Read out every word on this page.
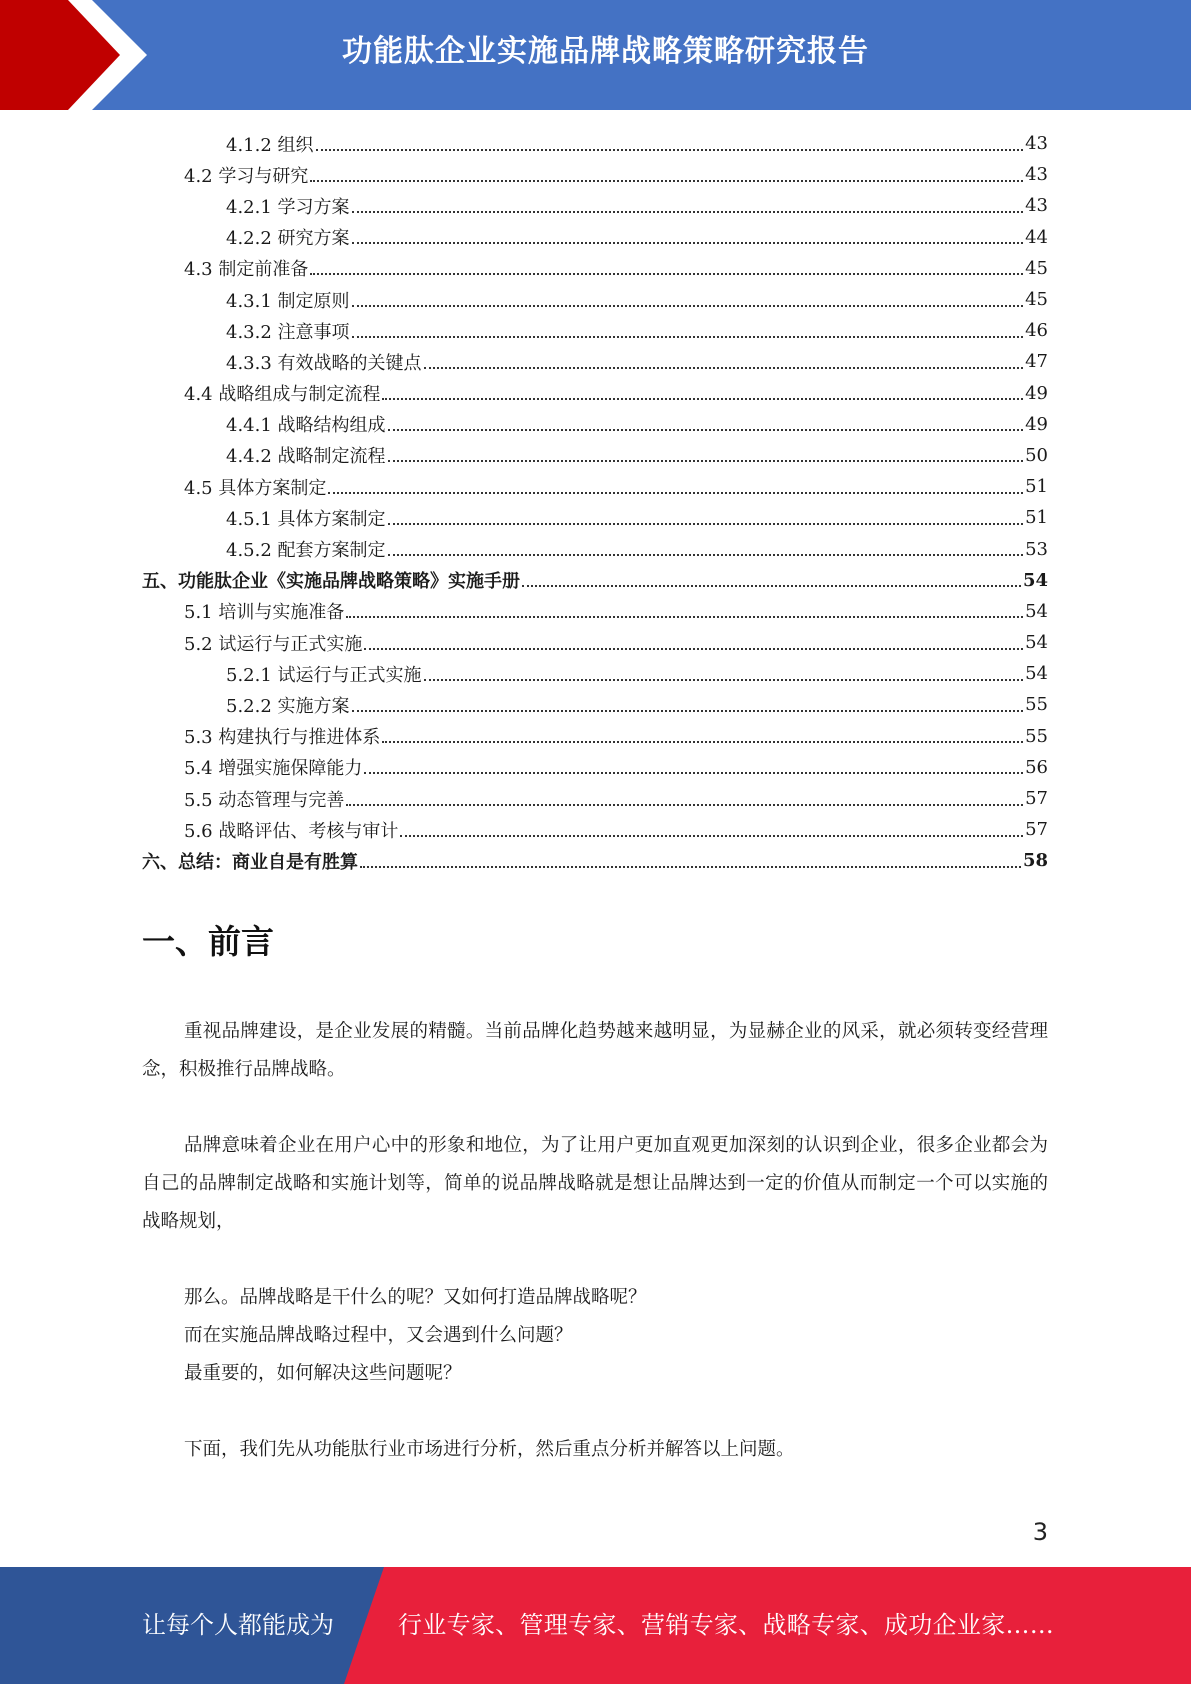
功能肽企业实施品牌战略策略研究报告
4.1.2 组织	43
4.2 学习与研究	43
4.2.1 学习方案	43
4.2.2 研究方案	44
4.3 制定前准备	45
4.3.1 制定原则	45
4.3.2 注意事项	46
4.3.3 有效战略的关键点	47
4.4 战略组成与制定流程	49
4.4.1 战略结构组成	49
4.4.2 战略制定流程	50
4.5 具体方案制定	51
4.5.1 具体方案制定	51
4.5.2 配套方案制定	53
五、功能肽企业《实施品牌战略策略》实施手册	54
5.1 培训与实施准备	54
5.2 试运行与正式实施	54
5.2.1 试运行与正式实施	54
5.2.2 实施方案	55
5.3 构建执行与推进体系	55
5.4 增强实施保障能力	56
5.5 动态管理与完善	57
5.6 战略评估、考核与审计	57
六、总结：商业自是有胜算	58
一、前言

重视品牌建设，是企业发展的精髓。当前品牌化趋势越来越明显，为显赫企业的风采，就必须转变经营理念，积极推行品牌战略。

品牌意味着企业在用户心中的形象和地位，为了让用户更加直观更加深刻的认识到企业，很多企业都会为自己的品牌制定战略和实施计划等，简单的说品牌战略就是想让品牌达到一定的价值从而制定一个可以实施的战略规划，

那么。品牌战略是干什么的呢？又如何打造品牌战略呢？
而在实施品牌战略过程中，又会遇到什么问题？
最重要的，如何解决这些问题呢？

下面，我们先从功能肽行业市场进行分析，然后重点分析并解答以上问题。

3
让每个人都能成为	行业专家、管理专家、营销专家、战略专家、成功企业家……
